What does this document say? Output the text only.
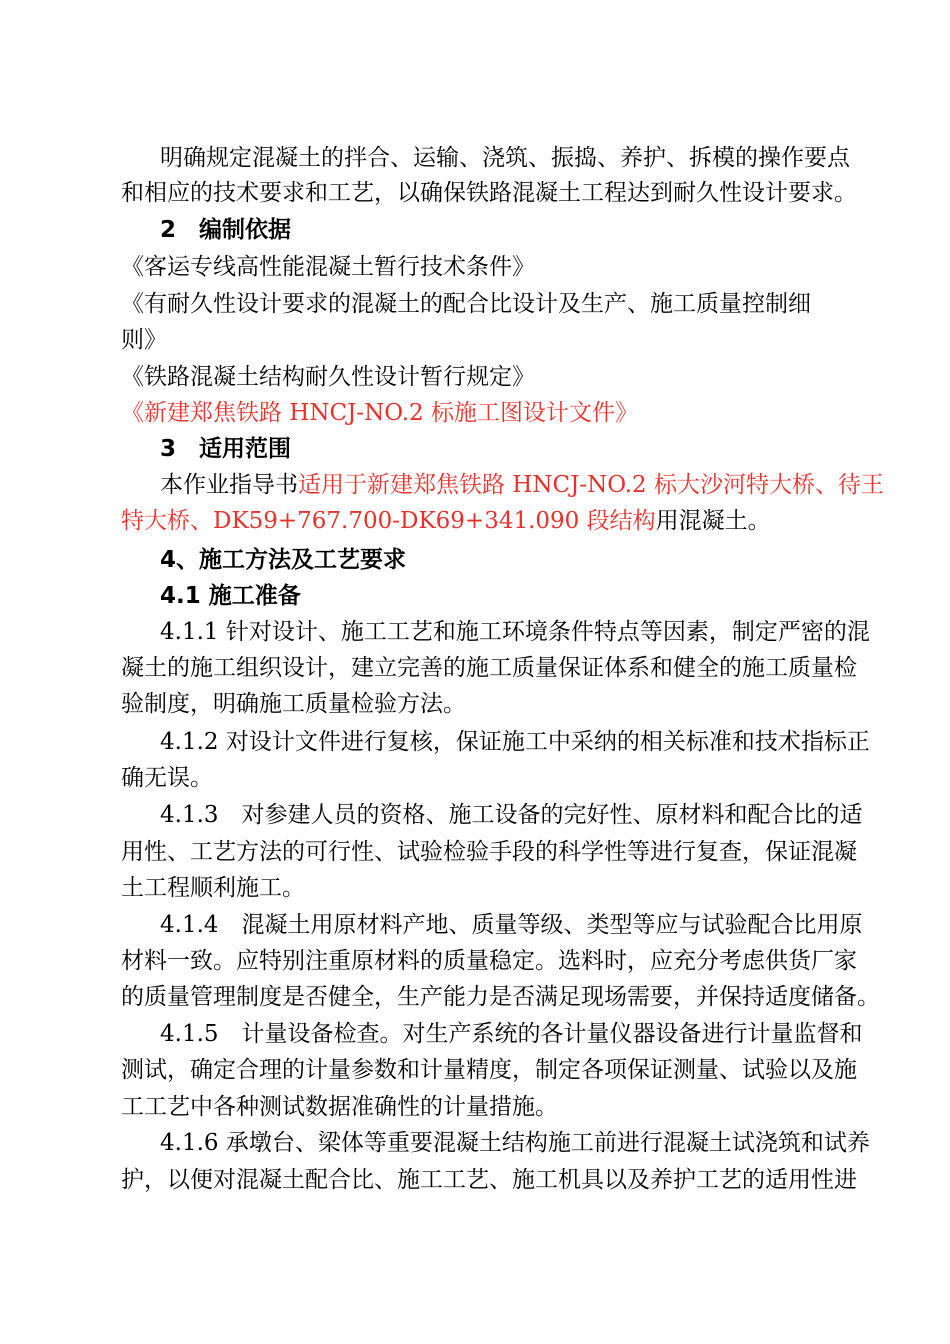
明确规定混凝土的拌合、运输、浇筑、振捣、养护、拆模的操作要点
和相应的技术要求和工艺，以确保铁路混凝土工程达到耐久性设计要求。
2　编制依据
《客运专线高性能混凝土暂行技术条件》
《有耐久性设计要求的混凝土的配合比设计及生产、施工质量控制细
则》
《铁路混凝土结构耐久性设计暂行规定》
《新建郑焦铁路 HNCJ-NO.2 标施工图设计文件》
3　适用范围
本作业指导书适用于新建郑焦铁路 HNCJ-NO.2 标大沙河特大桥、待王
特大桥、DK59+767.700-DK69+341.090 段结构用混凝土。
4、施工方法及工艺要求
4.1 施工准备
4.1.1 针对设计、施工工艺和施工环境条件特点等因素，制定严密的混
凝土的施工组织设计，建立完善的施工质量保证体系和健全的施工质量检
验制度，明确施工质量检验方法。
4.1.2 对设计文件进行复核，保证施工中采纳的相关标准和技术指标正
确无误。
4.1.3　对参建人员的资格、施工设备的完好性、原材料和配合比的适
用性、工艺方法的可行性、试验检验手段的科学性等进行复查，保证混凝
土工程顺利施工。
4.1.4　混凝土用原材料产地、质量等级、类型等应与试验配合比用原
材料一致。应特别注重原材料的质量稳定。选料时，应充分考虑供货厂家
的质量管理制度是否健全，生产能力是否满足现场需要，并保持适度储备。
4.1.5　计量设备检查。对生产系统的各计量仪器设备进行计量监督和
测试，确定合理的计量参数和计量精度，制定各项保证测量、试验以及施
工工艺中各种测试数据准确性的计量措施。
4.1.6 承墩台、梁体等重要混凝土结构施工前进行混凝土试浇筑和试养
护，以便对混凝土配合比、施工工艺、施工机具以及养护工艺的适用性进
